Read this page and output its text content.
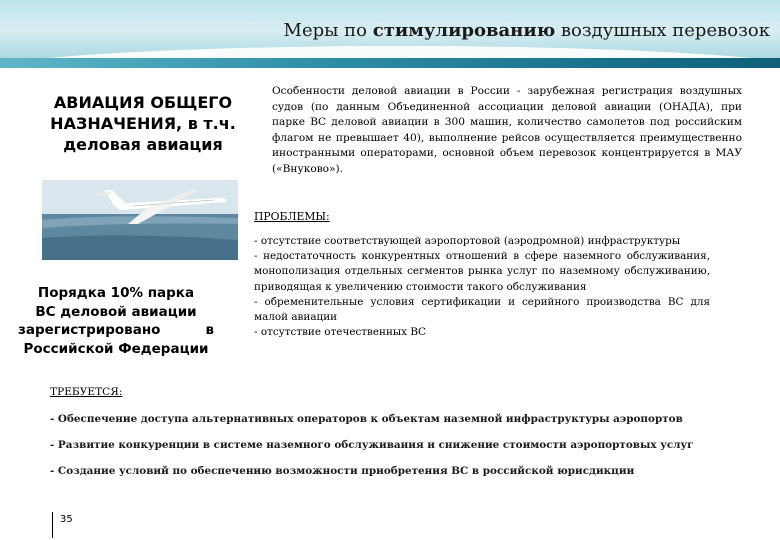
Меры по стимулированию воздушных перевозок
АВИАЦИЯ ОБЩЕГО НАЗНАЧЕНИЯ, в т.ч. деловая авиация
Порядка 10% парка
ВС деловой авиации
зарегистрировано в
Российской Федерации
Особенности деловой авиации в России - зарубежная регистрация воздушных судов (по данным Объединенной ассоциации деловой авиации (ОНАДА), при парке ВС деловой авиации в 300 машин, количество самолетов под российским флагом не превышает 40), выполнение рейсов осуществляется преимущественно иностранными операторами, основной объем перевозок концентрируется в МАУ («Внуково»).
ПРОБЛЕМЫ:
- отсутствие соответствующей аэропортовой (аэродромной) инфраструктуры
- недостаточность конкурентных отношений в сфере наземного обслуживания, монополизация отдельных сегментов рынка услуг по наземному обслуживанию, приводящая к увеличению стоимости такого обслуживания
- обременительные условия сертификации и серийного производства ВС для малой авиации
- отсутствие отечественных ВС
ТРЕБУЕТСЯ:
- Обеспечение доступа альтернативных операторов к объектам наземной инфраструктуры аэропортов
- Развитие конкуренции в системе наземного обслуживания и снижение стоимости аэропортовых услуг
- Создание условий по обеспечению возможности приобретения ВС в российской юрисдикции
35
